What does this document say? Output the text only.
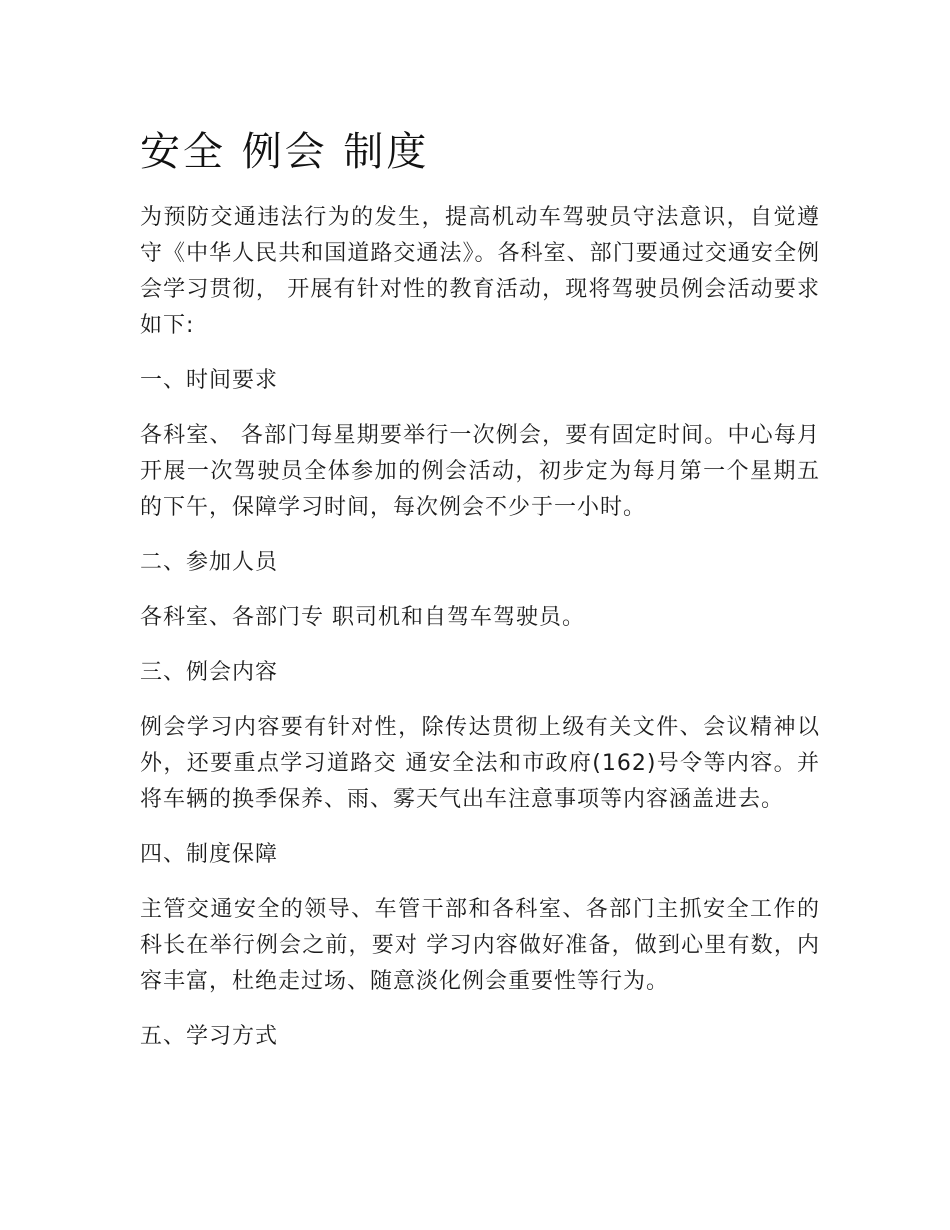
安全 例会 制度

为预防交通违法行为的发生，提高机动车驾驶员守法意识，自觉遵守《中华人民共和国道路交通法》。各科室、部门要通过交通安全例会学习贯彻， 开展有针对性的教育活动，现将驾驶员例会活动要求如下:

一、时间要求

各科室、 各部门每星期要举行一次例会，要有固定时间。中心每月开展一次驾驶员全体参加的例会活动，初步定为每月第一个星期五的下午，保障学习时间，每次例会不少于一小时。

二、参加人员

各科室、各部门专 职司机和自驾车驾驶员。

三、例会内容

例会学习内容要有针对性，除传达贯彻上级有关文件、会议精神以外，还要重点学习道路交 通安全法和市政府(162)号令等内容。并将车辆的换季保养、雨、雾天气出车注意事项等内容涵盖进去。

四、制度保障

主管交通安全的领导、车管干部和各科室、各部门主抓安全工作的科长在举行例会之前，要对 学习内容做好准备，做到心里有数，内容丰富，杜绝走过场、随意淡化例会重要性等行为。

五、学习方式
